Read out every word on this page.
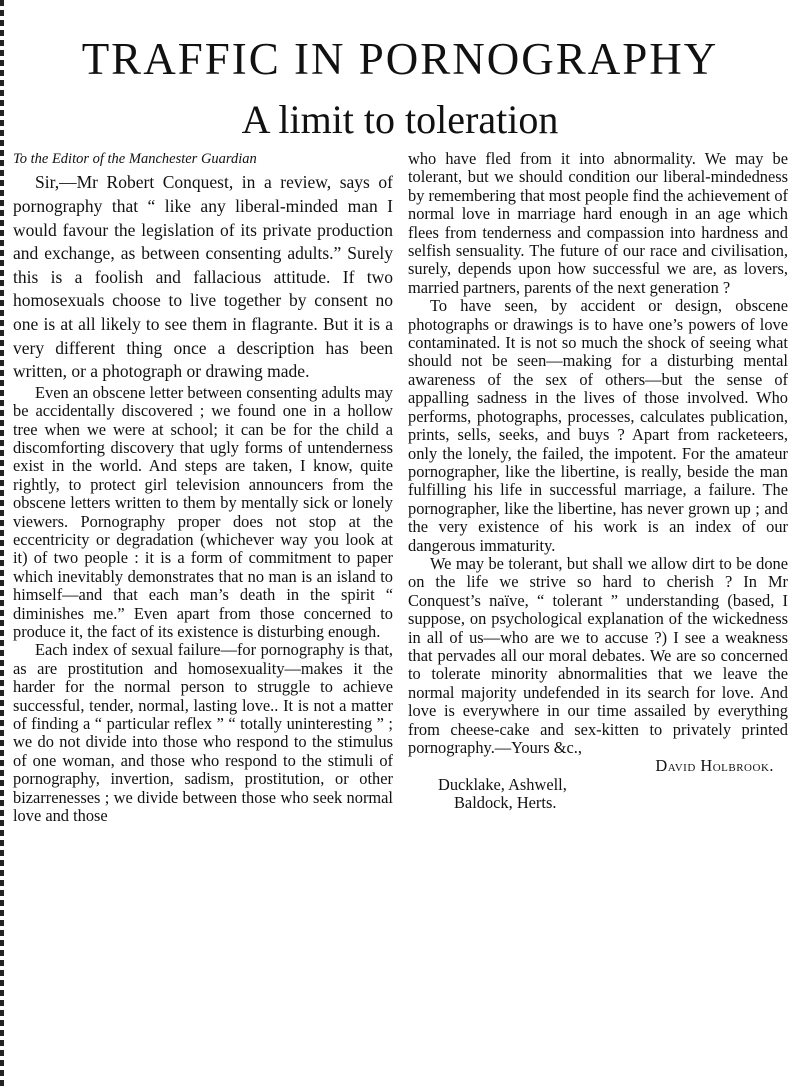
TRAFFIC IN PORNOGRAPHY
A limit to toleration
To the Editor of the Manchester Guardian

Sir,—Mr Robert Conquest, in a review, says of pornography that “ like any liberal-minded man I would favour the legislation of its private production and exchange, as between consenting adults.” Surely this is a foolish and fallacious attitude. If two homosexuals choose to live together by consent no one is at all likely to see them in flagrante. But it is a very different thing once a description has been written, or a photograph or drawing made.

Even an obscene letter between consenting adults may be accidentally discovered ; we found one in a hollow tree when we were at school; it can be for the child a discomforting discovery that ugly forms of untenderness exist in the world. And steps are taken, I know, quite rightly, to protect girl television announcers from the obscene letters written to them by mentally sick or lonely viewers. Pornography proper does not stop at the eccentricity or degradation (whichever way you look at it) of two people : it is a form of commitment to paper which inevitably demonstrates that no man is an island to himself—and that each man’s death in the spirit “ diminishes me.” Even apart from those concerned to produce it, the fact of its existence is disturbing enough.

Each index of sexual failure—for pornography is that, as are prostitution and homosexuality—makes it the harder for the normal person to struggle to achieve successful, tender, normal, lasting love.. It is not a matter of finding a “ particular reflex ” “ totally uninteresting ” ; we do not divide into those who respond to the stimulus of one woman, and those who respond to the stimuli of pornography, invertion, sadism, prostitution, or other bizarrenesses ; we divide between those who seek normal love and those

who have fled from it into abnormality. We may be tolerant, but we should condition our liberal-mindedness by remembering that most people find the achievement of normal love in marriage hard enough in an age which flees from tenderness and compassion into hardness and selfish sensuality. The future of our race and civilisation, surely, depends upon how successful we are, as lovers, married partners, parents of the next generation ?

To have seen, by accident or design, obscene photographs or drawings is to have one’s powers of love contaminated. It is not so much the shock of seeing what should not be seen—making for a disturbing mental awareness of the sex of others—but the sense of appalling sadness in the lives of those involved. Who performs, photographs, processes, calculates publication, prints, sells, seeks, and buys ? Apart from racketeers, only the lonely, the failed, the impotent. For the amateur pornographer, like the libertine, is really, beside the man fulfilling his life in successful marriage, a failure. The pornographer, like the libertine, has never grown up ; and the very existence of his work is an index of our dangerous immaturity.

We may be tolerant, but shall we allow dirt to be done on the life we strive so hard to cherish ? In Mr Conquest’s naïve, “ tolerant ” understanding (based, I suppose, on psychological explanation of the wickedness in all of us—who are we to accuse ?) I see a weakness that pervades all our moral debates. We are so concerned to tolerate minority abnormalities that we leave the normal majority undefended in its search for love. And love is everywhere in our time assailed by everything from cheese-cake and sex-kitten to privately printed pornography.—Yours &c.,

David Holbrook.

Ducklake, Ashwell,

Baldock, Herts.
